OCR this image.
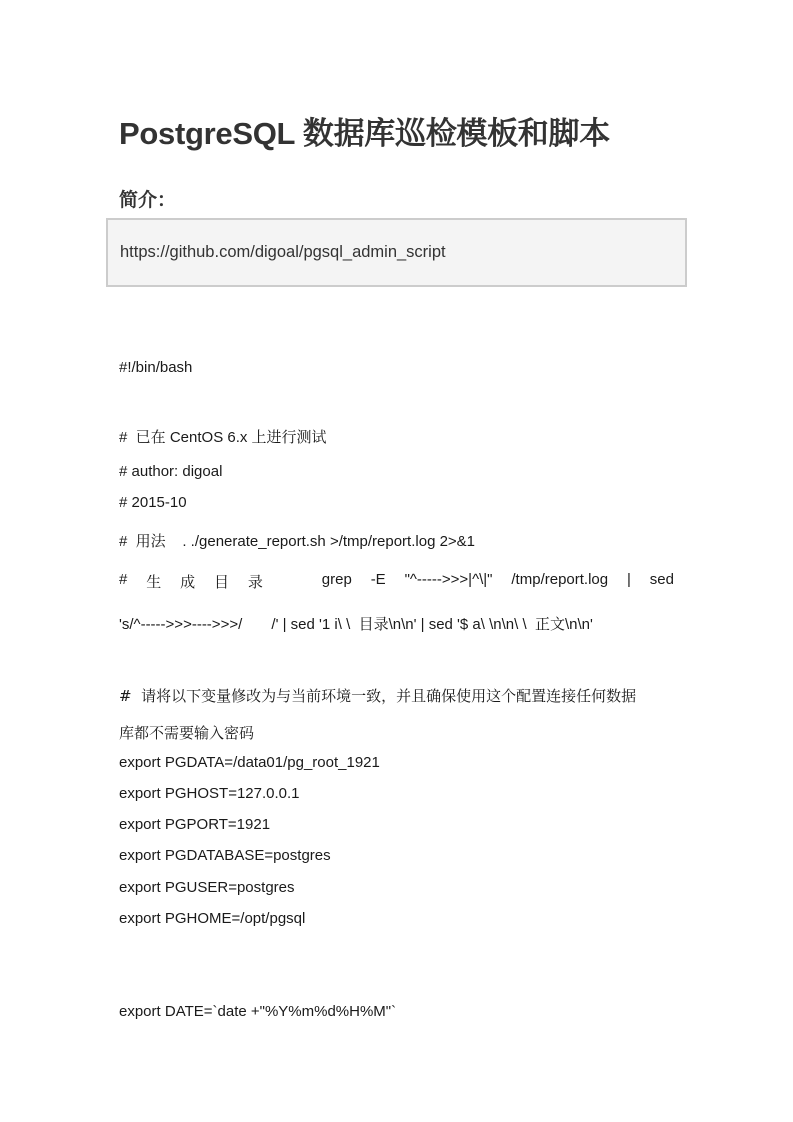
PostgreSQL 数据库巡检模板和脚本
简介：
https://github.com/digoal/pgsql_admin_script
#!/bin/bash
#  已在 CentOS 6.x 上进行测试
# author: digoal
# 2015-10
#  用法    . ./generate_report.sh >/tmp/report.log 2>&1
# 生 成 目 录	grep -E "^----->>>|^\|" /tmp/report.log | sed
's/^----->>>---->>>/       /' | sed '1 i\ \  目录\n\n' | sed '$ a\ \n\n\ \  正文\n\n'
#  请将以下变量修改为与当前环境一致，并且确保使用这个配置连接任何数据
库都不需要输入密码
export PGDATA=/data01/pg_root_1921
export PGHOST=127.0.0.1
export PGPORT=1921
export PGDATABASE=postgres
export PGUSER=postgres
export PGHOME=/opt/pgsql
export DATE=`date +"%Y%m%d%H%M"`
